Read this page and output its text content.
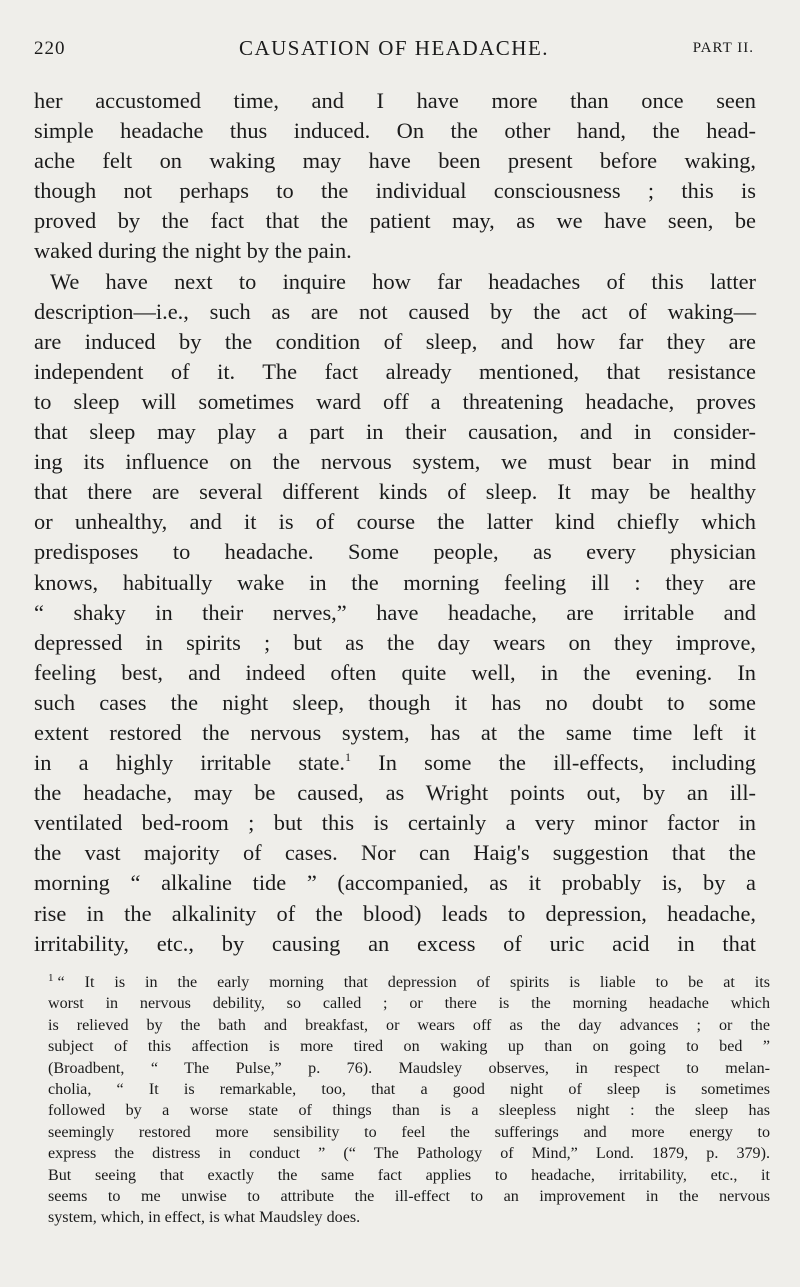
220	CAUSATION OF HEADACHE.	PART II.
her accustomed time, and I have more than once seen
simple headache thus induced. On the other hand, the head-
ache felt on waking may have been present before waking,
though not perhaps to the individual consciousness ; this is
proved by the fact that the patient may, as we have seen, be
waked during the night by the pain.
We have next to inquire how far headaches of this latter
description—i.e., such as are not caused by the act of waking—
are induced by the condition of sleep, and how far they are
independent of it. The fact already mentioned, that resistance
to sleep will sometimes ward off a threatening headache, proves
that sleep may play a part in their causation, and in consider-
ing its influence on the nervous system, we must bear in mind
that there are several different kinds of sleep. It may be healthy
or unhealthy, and it is of course the latter kind chiefly which
predisposes to headache. Some people, as every physician
knows, habitually wake in the morning feeling ill : they are
“ shaky in their nerves,” have headache, are irritable and
depressed in spirits ; but as the day wears on they improve,
feeling best, and indeed often quite well, in the evening. In
such cases the night sleep, though it has no doubt to some
extent restored the nervous system, has at the same time left it
in a highly irritable state.$^1$ In some the ill-effects, including
the headache, may be caused, as Wright points out, by an ill-
ventilated bed-room ; but this is certainly a very minor factor in
the vast majority of cases. Nor can Haig's suggestion that the
morning “ alkaline tide ” (accompanied, as it probably is, by a
rise in the alkalinity of the blood) leads to depression, headache,
irritability, etc., by causing an excess of uric acid in that
$^1$ “ It is in the early morning that depression of spirits is liable to be at its
worst in nervous debility, so called ; or there is the morning headache which
is relieved by the bath and breakfast, or wears off as the day advances ; or the
subject of this affection is more tired on waking up than on going to bed ”
(Broadbent, “ The Pulse,” p. 76). Maudsley observes, in respect to melan-
cholia, “ It is remarkable, too, that a good night of sleep is sometimes
followed by a worse state of things than is a sleepless night : the sleep has
seemingly restored more sensibility to feel the sufferings and more energy to
express the distress in conduct ” (“ The Pathology of Mind,” Lond. 1879, p. 379).
But seeing that exactly the same fact applies to headache, irritability, etc., it
seems to me unwise to attribute the ill-effect to an improvement in the nervous
system, which, in effect, is what Maudsley does.
